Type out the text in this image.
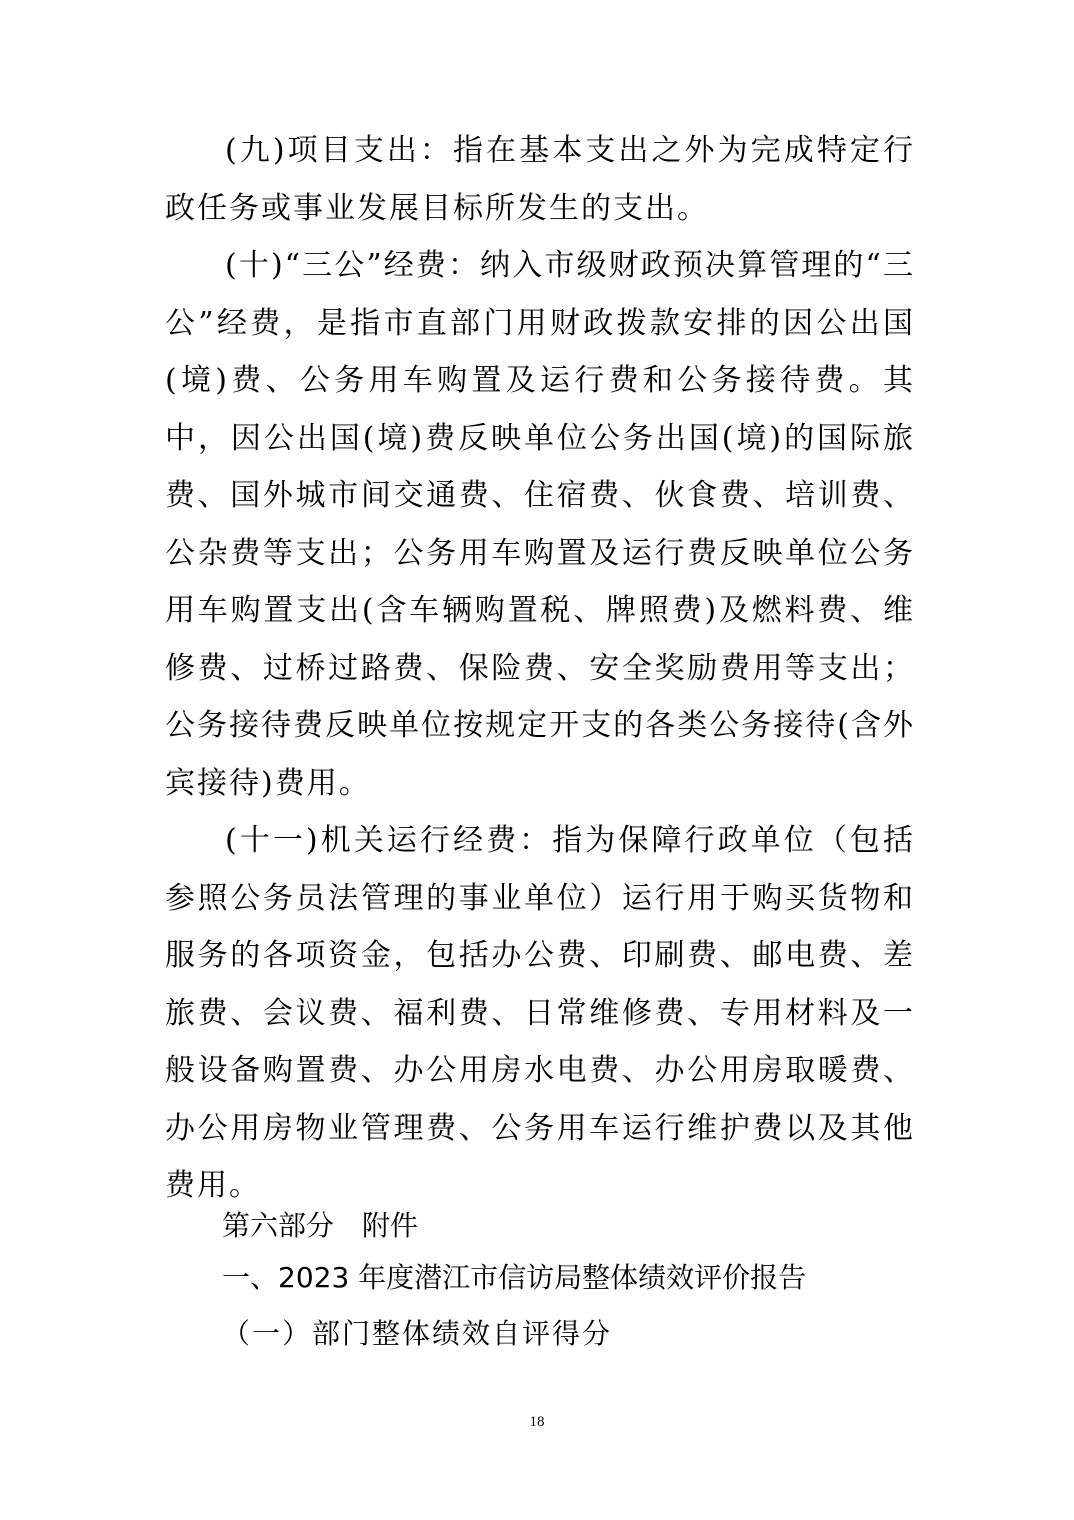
(九)项目支出：指在基本支出之外为完成特定行政任务或事业发展目标所发生的支出。

(十)“三公”经费：纳入市级财政预决算管理的“三公”经费，是指市直部门用财政拨款安排的因公出国(境)费、公务用车购置及运行费和公务接待费。其中，因公出国(境)费反映单位公务出国(境)的国际旅费、国外城市间交通费、住宿费、伙食费、培训费、公杂费等支出；公务用车购置及运行费反映单位公务用车购置支出(含车辆购置税、牌照费)及燃料费、维修费、过桥过路费、保险费、安全奖励费用等支出；公务接待费反映单位按规定开支的各类公务接待(含外宾接待)费用。

(十一)机关运行经费：指为保障行政单位（包括参照公务员法管理的事业单位）运行用于购买货物和服务的各项资金，包括办公费、印刷费、邮电费、差旅费、会议费、福利费、日常维修费、专用材料及一般设备购置费、办公用房水电费、办公用房取暖费、办公用房物业管理费、公务用车运行维护费以及其他费用。

第六部分　附件
一、2023 年度潜江市信访局整体绩效评价报告
（一）部门整体绩效自评得分
18
